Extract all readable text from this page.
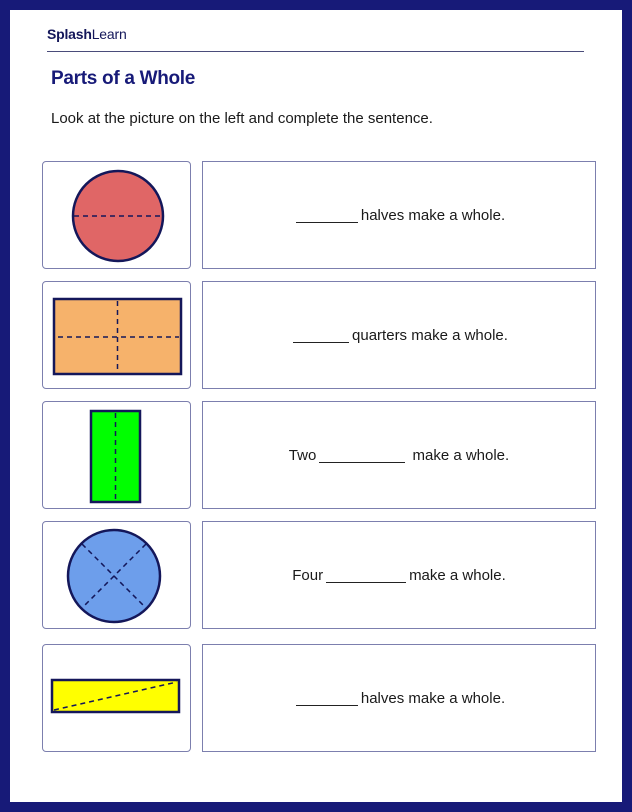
SplashLearn
Parts of a Whole
Look at the picture on the left and complete the sentence.
halves make a whole.
quarters make a whole.
Two	make a whole.
Four	make a whole.
halves make a whole.
